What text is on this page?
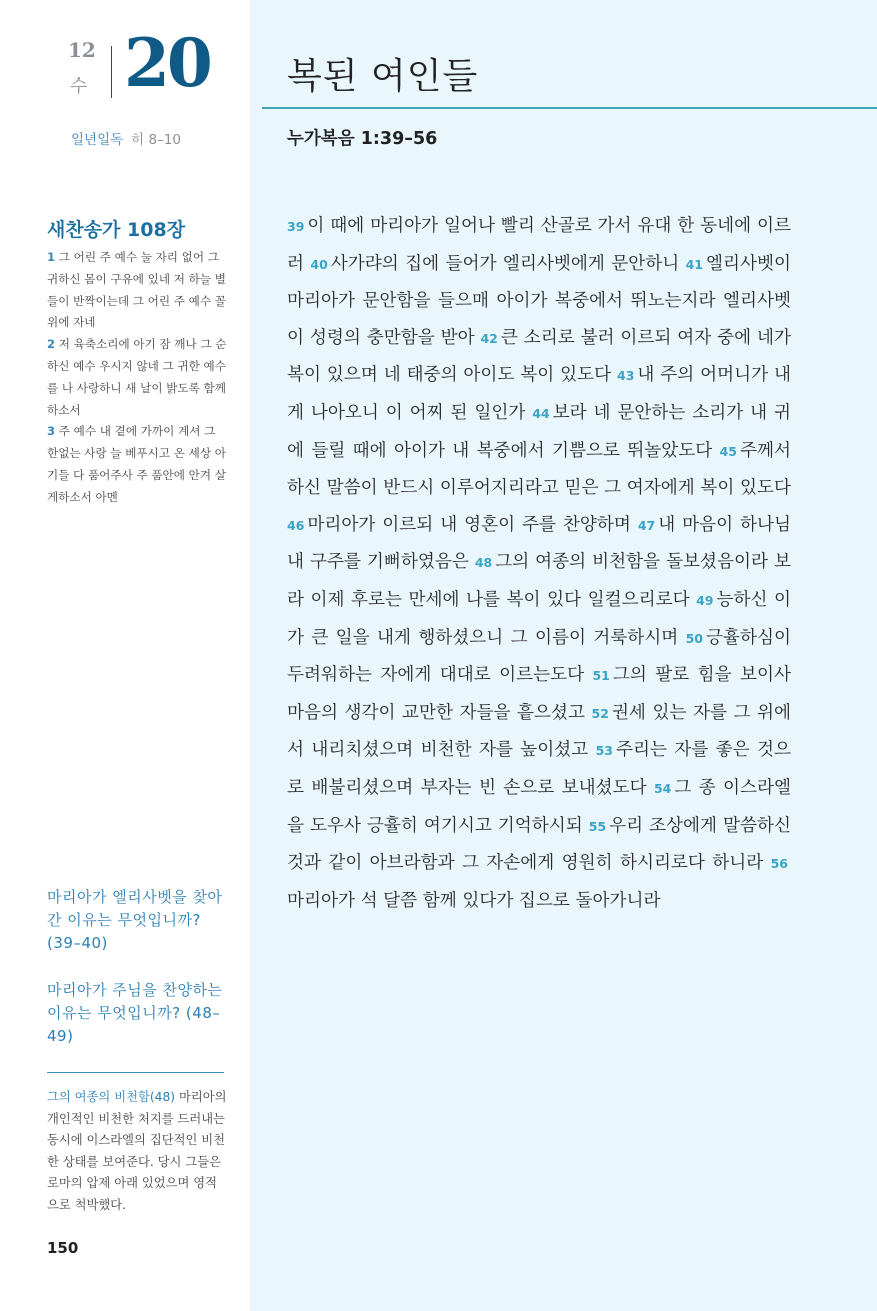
12
수 20
일년일독 히 8–10
새찬송가 108장
1 그 어린 주 예수 눌 자리 없어 그 귀하신 몸이 구유에 있네 저 하늘 별들이 반짝이는데 그 어린 주 예수 꼴 위에 자네
2 저 육축소리에 아기 잠 깨나 그 순하신 예수 우시지 않네 그 귀한 예수를 나 사랑하니 새 날이 밝도록 함께하소서
3 주 예수 내 곁에 가까이 계셔 그 한없는 사랑 늘 베푸시고 온 세상 아기들 다 품어주사 주 품안에 안겨 살게하소서 아멘
마리아가 엘리사벳을 찾아간 이유는 무엇입니까? (39–40)
마리아가 주님을 찬양하는 이유는 무엇입니까? (48–49)
그의 여종의 비천함(48) 마리아의 개인적인 비천한 처지를 드러내는 동시에 이스라엘의 집단적인 비천한 상태를 보여준다. 당시 그들은 로마의 압제 아래 있었으며 영적으로 척박했다.
150
복된 여인들
누가복음 1:39–56
39 이 때에 마리아가 일어나 빨리 산골로 가서 유대 한 동네에 이르러 40 사가랴의 집에 들어가 엘리사벳에게 문안하니 41 엘리사벳이 마리아가 문안함을 들으매 아이가 복중에서 뛰노는지라 엘리사벳이 성령의 충만함을 받아 42 큰 소리로 불러 이르되 여자 중에 네가 복이 있으며 네 태중의 아이도 복이 있도다 43 내 주의 어머니가 내게 나아오니 이 어찌 된 일인가 44 보라 네 문안하는 소리가 내 귀에 들릴 때에 아이가 내 복중에서 기쁨으로 뛰놀았도다 45 주께서 하신 말씀이 반드시 이루어지리라고 믿은 그 여자에게 복이 있도다 46 마리아가 이르되 내 영혼이 주를 찬양하며 47 내 마음이 하나님 내 구주를 기뻐하였음은 48 그의 여종의 비천함을 돌보셨음이라 보라 이제 후로는 만세에 나를 복이 있다 일컬으리로다 49 능하신 이가 큰 일을 내게 행하셨으니 그 이름이 거룩하시며 50 긍휼하심이 두려워하는 자에게 대대로 이르는도다 51 그의 팔로 힘을 보이사 마음의 생각이 교만한 자들을 흩으셨고 52 권세 있는 자를 그 위에서 내리치셨으며 비천한 자를 높이셨고 53 주리는 자를 좋은 것으로 배불리셨으며 부자는 빈 손으로 보내셨도다 54 그 종 이스라엘을 도우사 긍휼히 여기시고 기억하시되 55 우리 조상에게 말씀하신 것과 같이 아브라함과 그 자손에게 영원히 하시리로다 하니라 56마리아가 석 달쯤 함께 있다가 집으로 돌아가니라
